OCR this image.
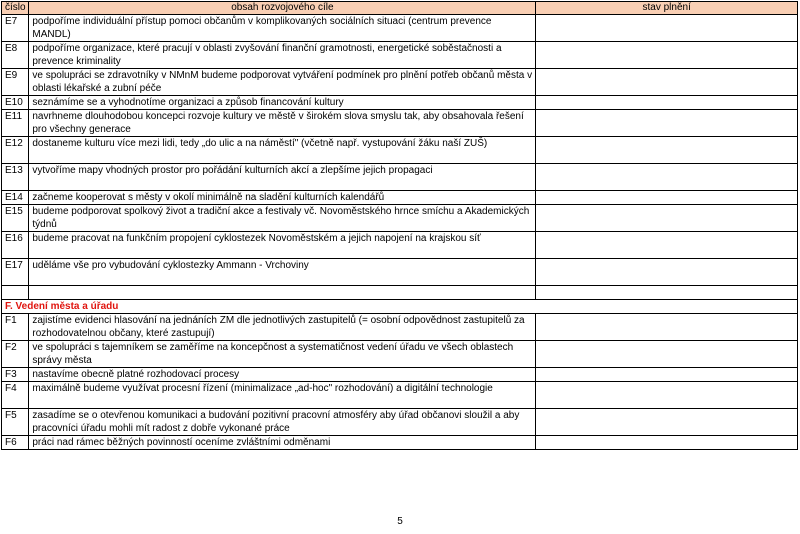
číslo	obsah rozvojového cíle	stav plnění
E7	podpoříme individuální přístup pomoci občanům v komplikovaných sociálních situaci (centrum prevence MANDL)	
E8	podpoříme organizace, které pracují v oblasti zvyšování finanční gramotnosti, energetické soběstačnosti a prevence kriminality	
E9	ve spolupráci se zdravotníky v NMnM budeme podporovat vytváření podmínek pro plnění potřeb občanů města v oblasti lékařské a zubní péče	
E10	seznámíme se a vyhodnotíme organizaci a způsob financování kultury	
E11	navrhneme dlouhodobou koncepci rozvoje kultury ve městě v širokém slova smyslu tak, aby obsahovala řešení pro všechny generace	
E12	dostaneme kulturu více mezi lidi, tedy „do ulic a na náměstí" (včetně např. vystupování žáku naší ZUŠ)	
E13	vytvoříme mapy vhodných prostor pro pořádání kulturních akcí a zlepšíme jejich propagaci	
E14	začneme kooperovat s městy v okolí minimálně na sladění kulturních kalendářů	
E15	budeme podporovat spolkový život a tradiční akce a festivaly vč. Novoměstského hrnce smíchu a Akademických týdnů	
E16	budeme pracovat na funkčním propojení cyklostezek Novoměstském a jejich napojení na krajskou síť	
E17	uděláme vše pro vybudování cyklostezky Ammann - Vrchoviny	

F. Vedení města a úřadu		
F1	zajistíme evidenci hlasování na jednáních ZM dle jednotlivých zastupitelů (= osobní odpovědnost zastupitelů za rozhodovatelnou občany, které zastupují)	
F2	ve spolupráci s tajemníkem se zaměříme na koncepčnost a systematičnost vedení úřadu ve všech oblastech správy města	
F3	nastavíme obecně platné rozhodovací procesy	
F4	maximálně budeme využívat procesní řízení (minimalizace „ad-hoc" rozhodování) a digitální technologie	
F5	zasadíme se o otevřenou komunikaci a budování pozitivní pracovní atmosféry aby úřad občanovi sloužil a aby pracovníci úřadu mohli mít radost z dobře vykonané práce	
F6	práci nad rámec běžných povinností oceníme zvláštními odměnami	
5
